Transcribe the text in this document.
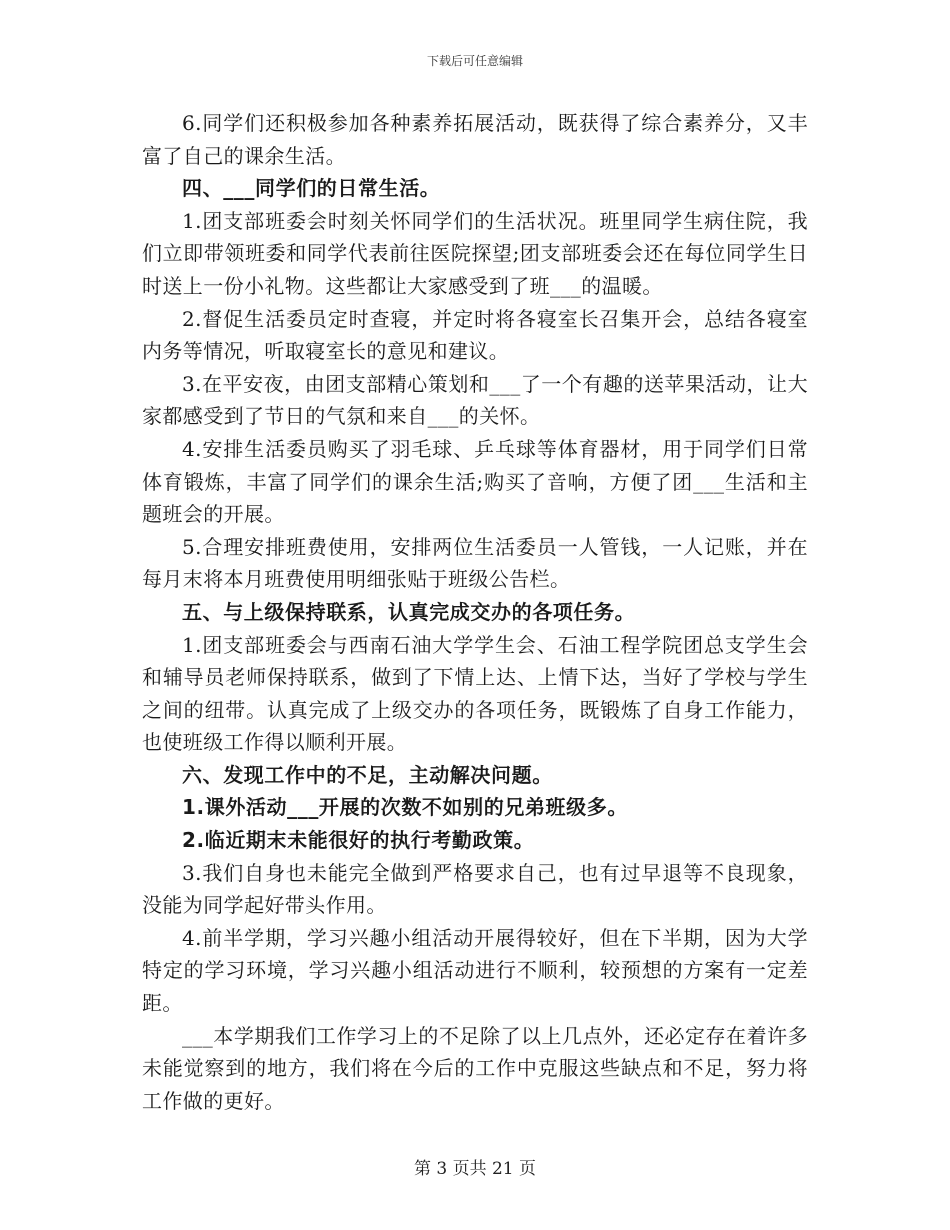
下载后可任意编辑

6.同学们还积极参加各种素养拓展活动，既获得了综合素养分，又丰富了自己的课余生活。

四、___同学们的日常生活。

1.团支部班委会时刻关怀同学们的生活状况。班里同学生病住院，我们立即带领班委和同学代表前往医院探望;团支部班委会还在每位同学生日时送上一份小礼物。这些都让大家感受到了班___的温暖。

2.督促生活委员定时查寝，并定时将各寝室长召集开会，总结各寝室内务等情况，听取寝室长的意见和建议。

3.在平安夜，由团支部精心策划和___了一个有趣的送苹果活动，让大家都感受到了节日的气氛和来自___的关怀。

4.安排生活委员购买了羽毛球、乒乓球等体育器材，用于同学们日常体育锻炼，丰富了同学们的课余生活;购买了音响，方便了团___生活和主题班会的开展。

5.合理安排班费使用，安排两位生活委员一人管钱，一人记账，并在每月末将本月班费使用明细张贴于班级公告栏。

五、与上级保持联系，认真完成交办的各项任务。

1.团支部班委会与西南石油大学学生会、石油工程学院团总支学生会和辅导员老师保持联系，做到了下情上达、上情下达，当好了学校与学生之间的纽带。认真完成了上级交办的各项任务，既锻炼了自身工作能力，也使班级工作得以顺利开展。

六、发现工作中的不足，主动解决问题。

1.课外活动___开展的次数不如别的兄弟班级多。

2.临近期末未能很好的执行考勤政策。

3.我们自身也未能完全做到严格要求自己，也有过早退等不良现象，没能为同学起好带头作用。

4.前半学期，学习兴趣小组活动开展得较好，但在下半期，因为大学特定的学习环境，学习兴趣小组活动进行不顺利，较预想的方案有一定差距。

___本学期我们工作学习上的不足除了以上几点外，还必定存在着许多未能觉察到的地方，我们将在今后的工作中克服这些缺点和不足，努力将工作做的更好。

第 3 页共 21 页
